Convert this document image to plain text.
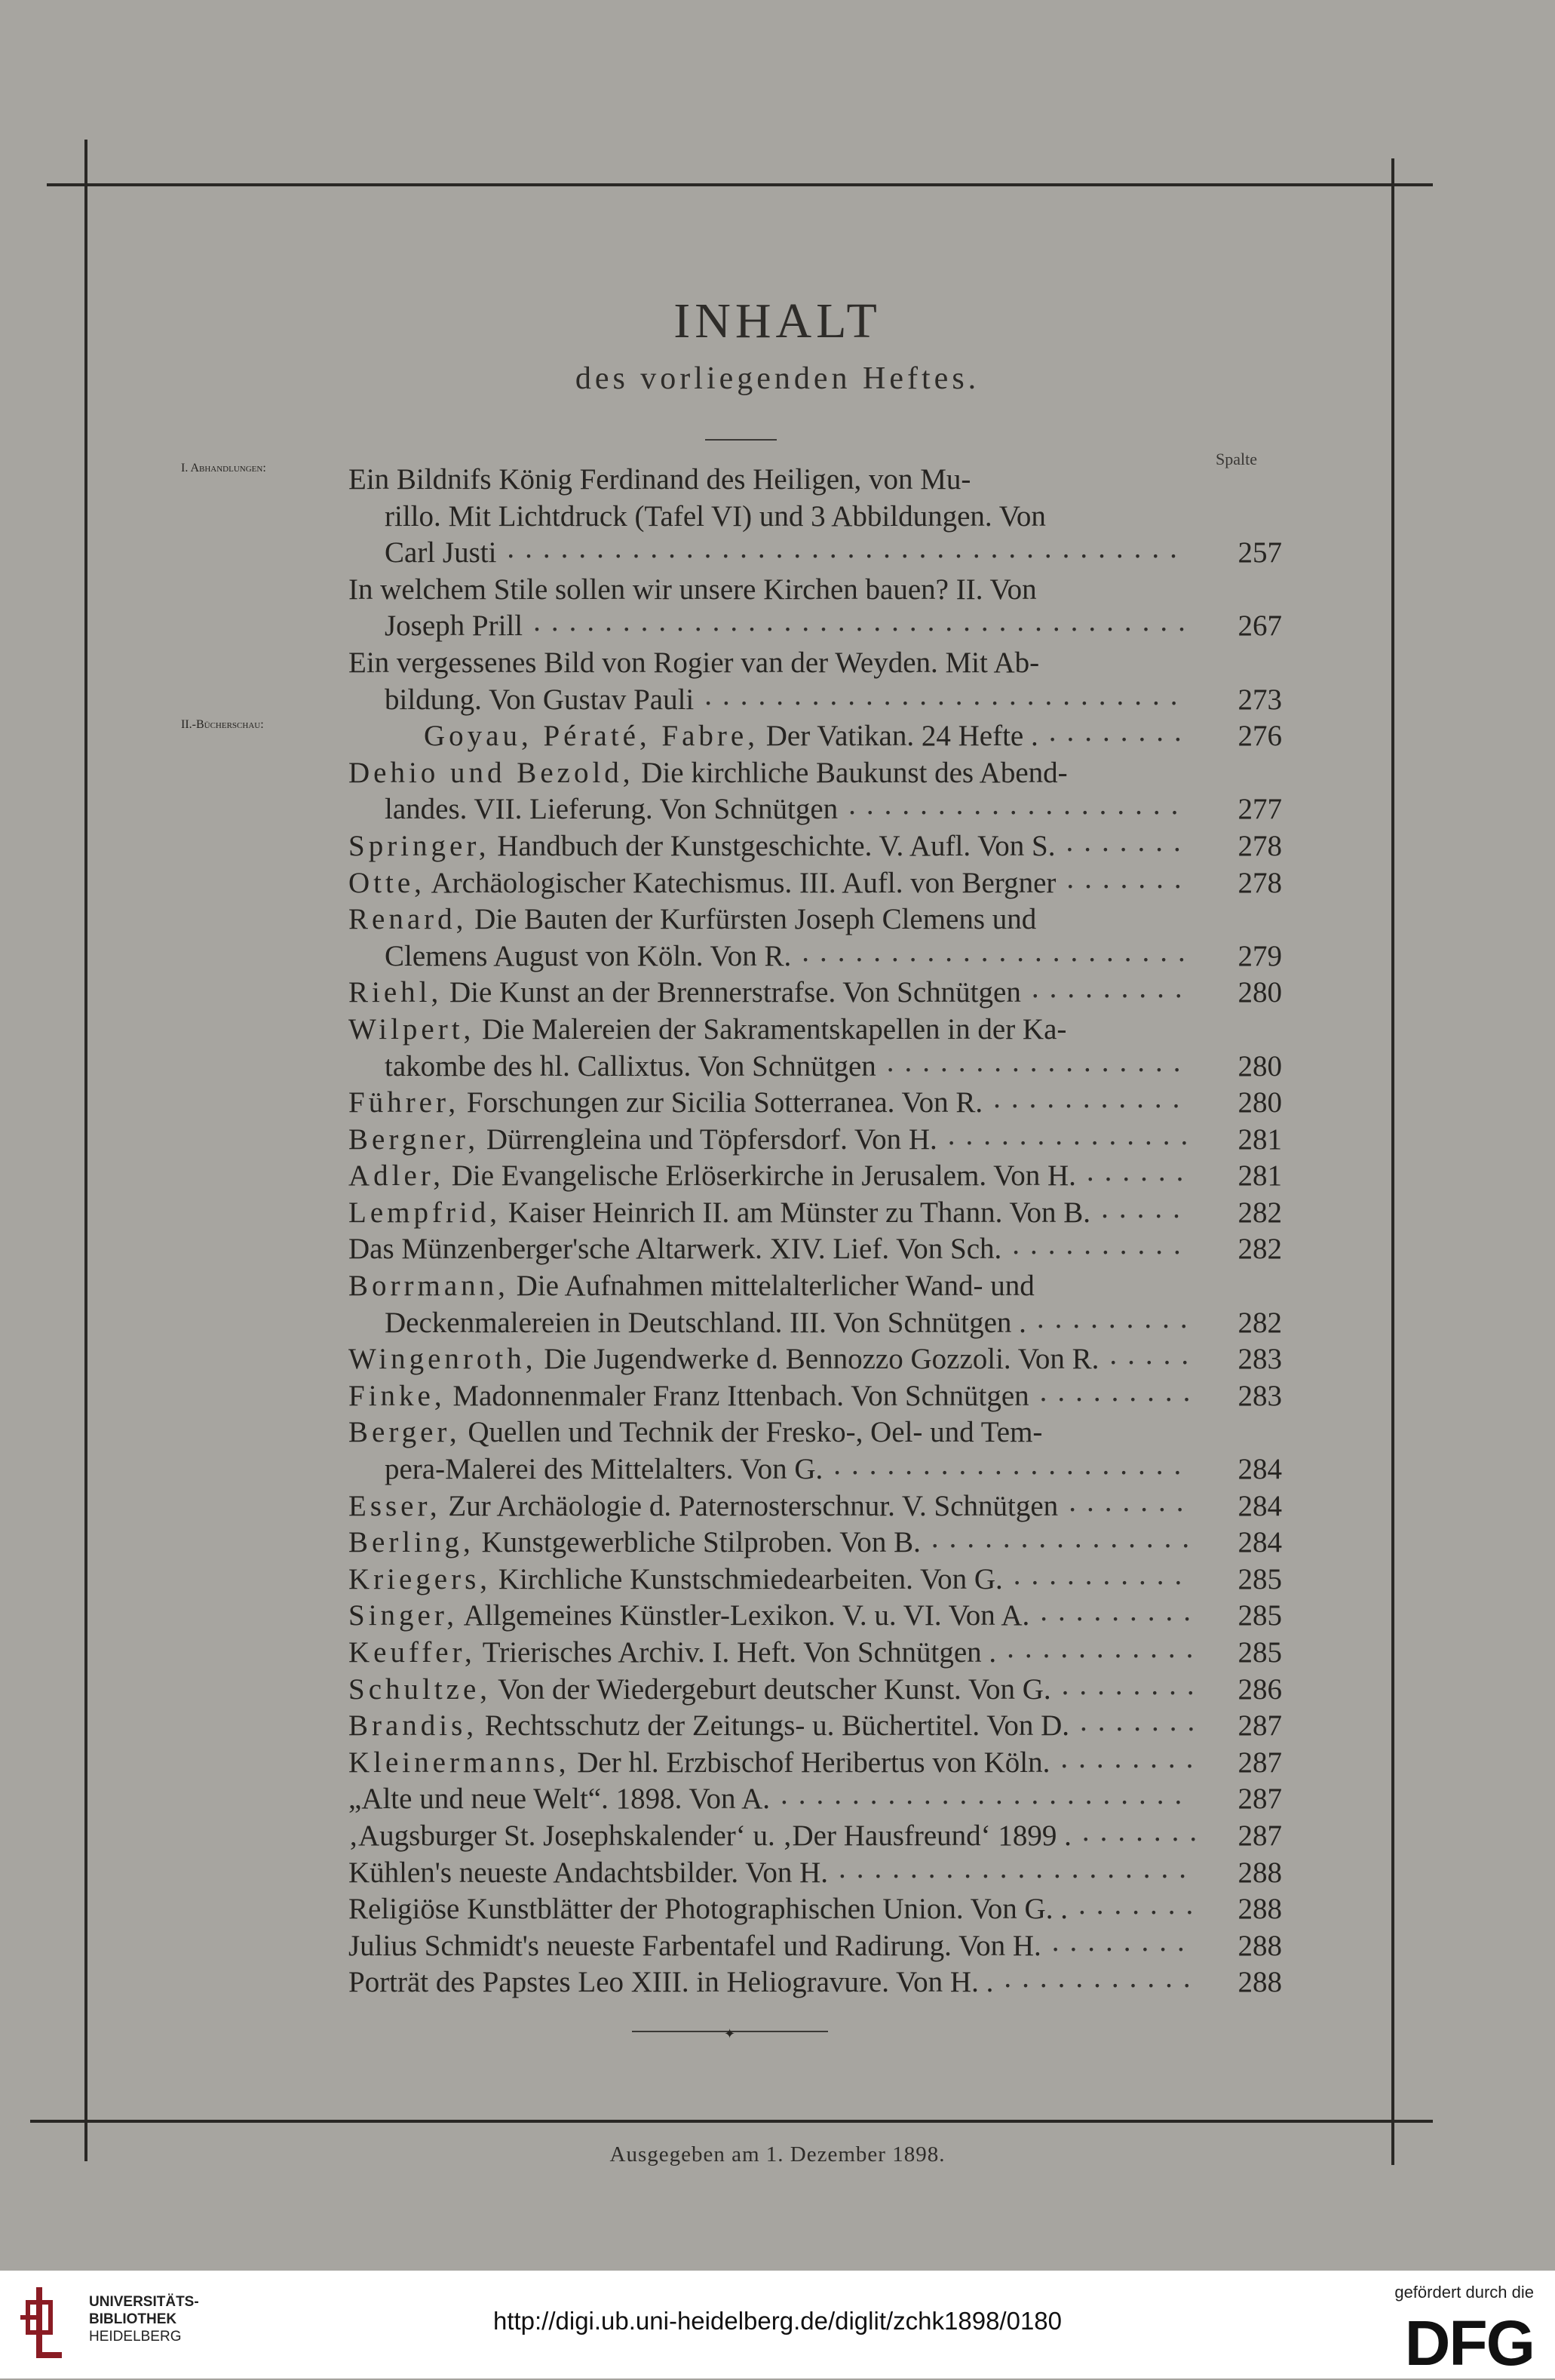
INHALT
des vorliegenden Heftes.
Spalte
I. Abhandlungen:
II.-Bücherschau:
Ein Bildnifs König Ferdinand des Heiligen, von Mu-
rillo. Mit Lichtdruck (Tafel VI) und 3 Abbildungen. Von
Carl Justi	257
......................................
In welchem Stile sollen wir unsere Kirchen bauen? II. Von
Joseph Prill	267
.....................................
Ein vergessenes Bild von Rogier van der Weyden. Mit Ab-
bildung. Von Gustav Pauli	273
...........................
Goyau, Pératé, Fabre, Der Vatikan. 24 Hefte .	276
........
Dehio und Bezold, Die kirchliche Baukunst des Abend-
landes. VII. Lieferung. Von Schnütgen	277
...................
Springer, Handbuch der Kunstgeschichte. V. Aufl. Von S.	278
.......
Otte, Archäologischer Katechismus. III. Aufl. von Bergner	278
.......
Renard, Die Bauten der Kurfürsten Joseph Clemens und
Clemens August von Köln. Von R.	279
......................
Riehl, Die Kunst an der Brennerstrafse. Von Schnütgen	280
.........
Wilpert, Die Malereien der Sakramentskapellen in der Ka-
takombe des hl. Callixtus. Von Schnütgen	280
.................
Führer, Forschungen zur Sicilia Sotterranea. Von R.	280
...........
Bergner, Dürrengleina und Töpfersdorf. Von H.	281
..............
Adler, Die Evangelische Erlöserkirche in Jerusalem. Von H.	281
......
Lempfrid, Kaiser Heinrich II. am Münster zu Thann. Von B.	282
.....
Das Münzenberger'sche Altarwerk. XIV. Lief. Von Sch.	282
..........
Borrmann, Die Aufnahmen mittelalterlicher Wand- und
Deckenmalereien in Deutschland. III. Von Schnütgen .	282
.........
Wingenroth, Die Jugendwerke d. Bennozzo Gozzoli. Von R.	283
.....
Finke, Madonnenmaler Franz Ittenbach. Von Schnütgen	283
.........
Berger, Quellen und Technik der Fresko-, Oel- und Tem-
pera-Malerei des Mittelalters. Von G.	284
....................
Esser, Zur Archäologie d. Paternosterschnur. V. Schnütgen	284
.......
Berling, Kunstgewerbliche Stilproben. Von B.	284
...............
Kriegers, Kirchliche Kunstschmiedearbeiten. Von G.	285
..........
Singer, Allgemeines Künstler-Lexikon. V. u. VI. Von A.	285
.........
Keuffer, Trierisches Archiv. I. Heft. Von Schnütgen .	285
...........
Schultze, Von der Wiedergeburt deutscher Kunst. Von G.	286
........
Brandis, Rechtsschutz der Zeitungs- u. Büchertitel. Von D.	287
.......
Kleinermanns, Der hl. Erzbischof Heribertus von Köln.	287
........
„Alte und neue Welt“. 1898. Von A.	287
.......................
‚Augsburger St. Josephskalender‘ u. ‚Der Hausfreund‘ 1899 .	287
.......
Kühlen's neueste Andachtsbilder. Von H.	288
....................
Religiöse Kunstblätter der Photographischen Union. Von G. .	288
.......
Julius Schmidt's neueste Farbentafel und Radirung. Von H.	288
........
Porträt des Papstes Leo XIII. in Heliogravure. Von H. .	288
...........
✦
Ausgegeben am 1. Dezember 1898.
UNIVERSITÄTS-
BIBLIOTHEK
HEIDELBERG
http://digi.ub.uni-heidelberg.de/diglit/zchk1898/0180
gefördert durch die
DFG
